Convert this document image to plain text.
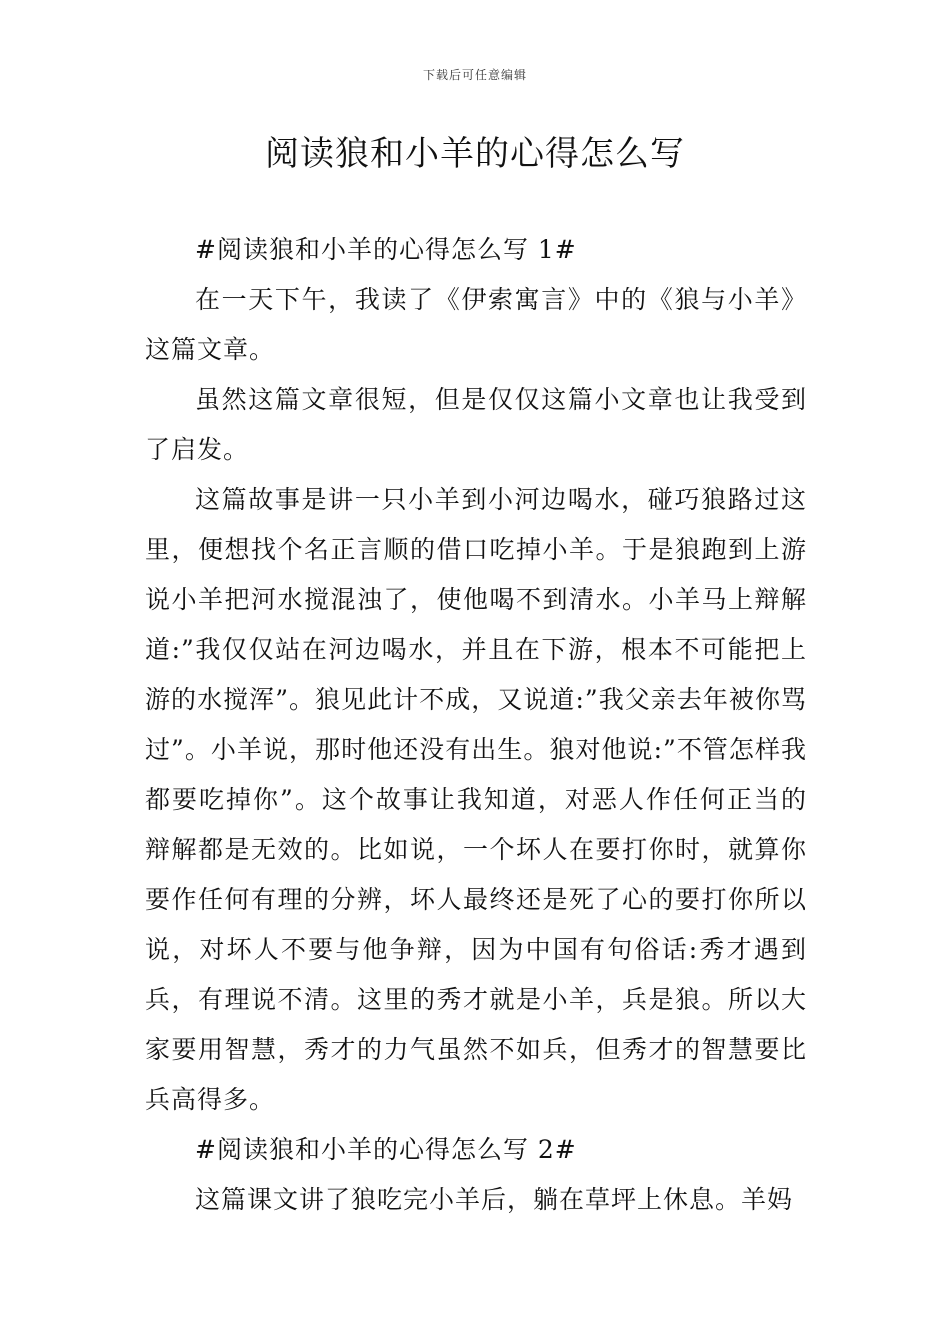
下载后可任意编辑
阅读狼和小羊的心得怎么写

#阅读狼和小羊的心得怎么写 1#

在一天下午，我读了《伊索寓言》中的《狼与小羊》这篇文章。

虽然这篇文章很短，但是仅仅这篇小文章也让我受到了启发。

这篇故事是讲一只小羊到小河边喝水，碰巧狼路过这里，便想找个名正言顺的借口吃掉小羊。于是狼跑到上游说小羊把河水搅混浊了，使他喝不到清水。小羊马上辩解道:”我仅仅站在河边喝水，并且在下游，根本不可能把上游的水搅浑”。狼见此计不成，又说道:”我父亲去年被你骂过”。小羊说，那时他还没有出生。狼对他说:”不管怎样我都要吃掉你”。这个故事让我知道，对恶人作任何正当的辩解都是无效的。比如说，一个坏人在要打你时，就算你要作任何有理的分辨，坏人最终还是死了心的要打你所以说，对坏人不要与他争辩，因为中国有句俗话:秀才遇到兵，有理说不清。这里的秀才就是小羊，兵是狼。所以大家要用智慧，秀才的力气虽然不如兵，但秀才的智慧要比兵高得多。

#阅读狼和小羊的心得怎么写 2#

这篇课文讲了狼吃完小羊后，躺在草坪上休息。羊妈
